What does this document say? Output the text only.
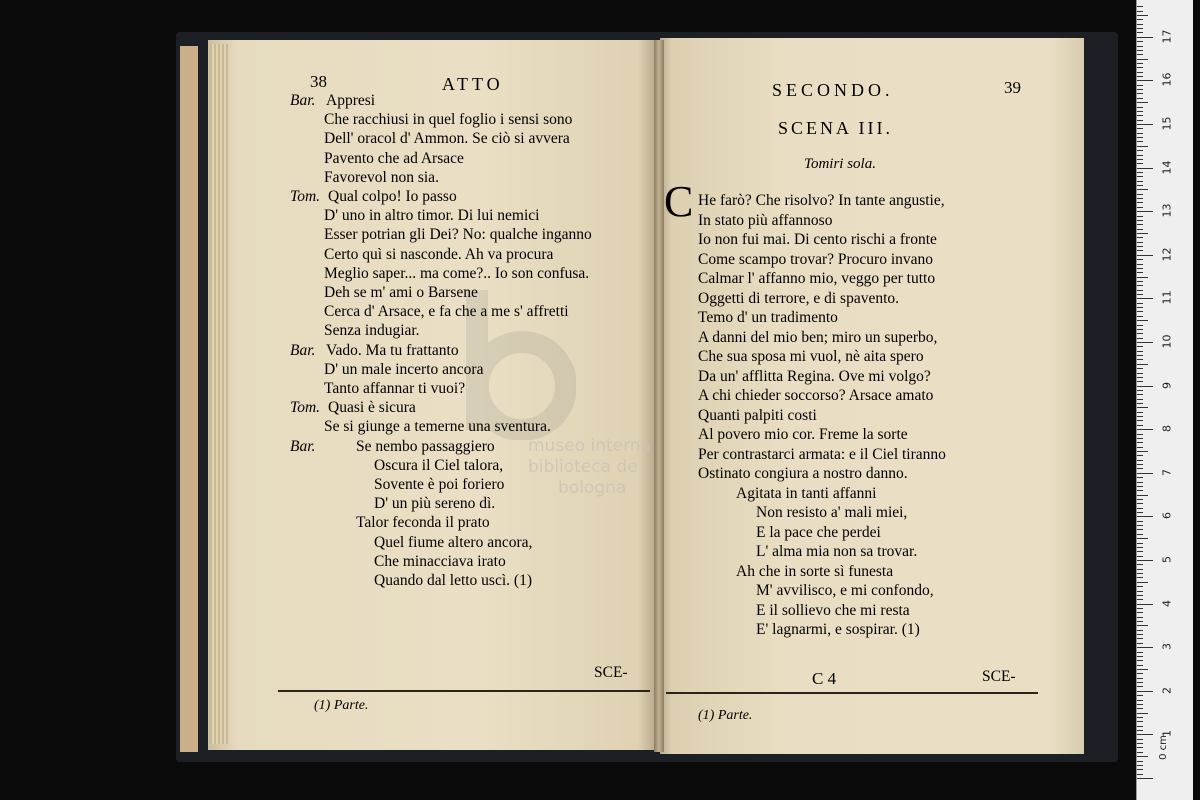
38	ATTO
Bar. Appresi
Che racchiusi in quel foglio i sensi sono
Dell' oracol d' Ammon. Se ciò si avvera
Pavento che ad Arsace
Favorevol non sia.
Tom. Qual colpo! Io passo
D' uno in altro timor. Di lui nemici
Esser potrian gli Dei? No: qualche inganno
Certo quì si nasconde. Ah va procura
Meglio saper... ma come?.. Io son confusa.
Deh se m' ami o Barsene
Cerca d' Arsace, e fa che a me s' affretti
Senza indugiar.
Bar. Vado. Ma tu frattanto
D' un male incerto ancora
Tanto affannar ti vuoi?
Tom. Quasi è sicura
Se si giunge a temerne una sventura.
Bar.	Se nembo passaggiero
Oscura il Ciel talora,
Sovente è poi foriero
D' un più sereno dì.
Talor feconda il prato
Quel fiume altero ancora,
Che minacciava irato
Quando dal letto uscì. (1)
SCE-
(1) Parte.
SECONDO.	39
SCENA III.
Tomiri sola.
C He farò? Che risolvo? In tante angustie,
In stato più affannoso
Io non fui mai. Di cento rischi a fronte
Come scampo trovar? Procuro invano
Calmar l' affanno mio, veggo per tutto
Oggetti di terrore, e di spavento.
Temo d' un tradimento
A danni del mio ben; miro un superbo,
Che sua sposa mi vuol, nè aita spero
Da un' afflitta Regina. Ove mi volgo?
A chi chieder soccorso? Arsace amato
Quanti palpiti costi
Al povero mio cor. Freme la sorte
Per contrastarci armata: e il Ciel tiranno
Ostinato congiura a nostro danno.
Agitata in tanti affanni
Non resisto a' mali miei,
E la pace che perdei
L' alma mia non sa trovar.
Ah che in sorte sì funesta
M' avvilisco, e mi confondo,
E il sollievo che mi resta
E' lagnarmi, e sospirar. (1)
C 4	SCE-
(1) Parte.
museo interna
biblioteca de
bologna
0 cm
1
2
3
4
5
6
7
8
9
10
11
12
13
14
15
16
17
